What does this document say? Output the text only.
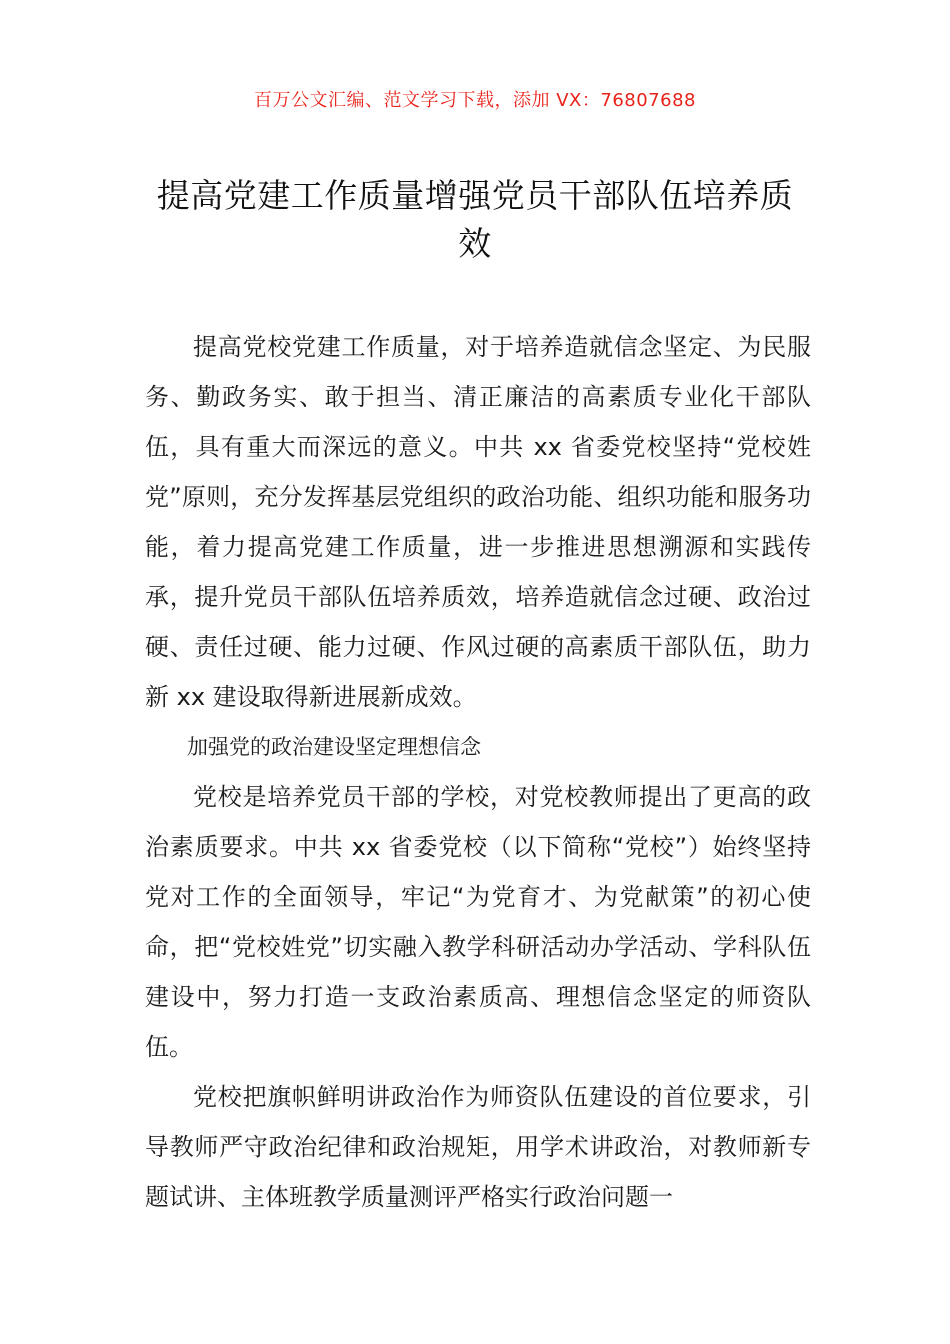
百万公文汇编、范文学习下载，添加 VX：76807688
提高党建工作质量增强党员干部队伍培养质效

提高党校党建工作质量，对于培养造就信念坚定、为民服务、勤政务实、敢于担当、清正廉洁的高素质专业化干部队伍，具有重大而深远的意义。中共 xx 省委党校坚持“党校姓党”原则，充分发挥基层党组织的政治功能、组织功能和服务功能，着力提高党建工作质量，进一步推进思想溯源和实践传承，提升党员干部队伍培养质效，培养造就信念过硬、政治过硬、责任过硬、能力过硬、作风过硬的高素质干部队伍，助力新 xx 建设取得新进展新成效。

加强党的政治建设坚定理想信念

党校是培养党员干部的学校，对党校教师提出了更高的政治素质要求。中共 xx 省委党校（以下简称“党校”）始终坚持党对工作的全面领导，牢记“为党育才、为党献策”的初心使命，把“党校姓党”切实融入教学科研活动办学活动、学科队伍建设中，努力打造一支政治素质高、理想信念坚定的师资队伍。

党校把旗帜鲜明讲政治作为师资队伍建设的首位要求，引导教师严守政治纪律和政治规矩，用学术讲政治，对教师新专题试讲、主体班教学质量测评严格实行政治问题一
